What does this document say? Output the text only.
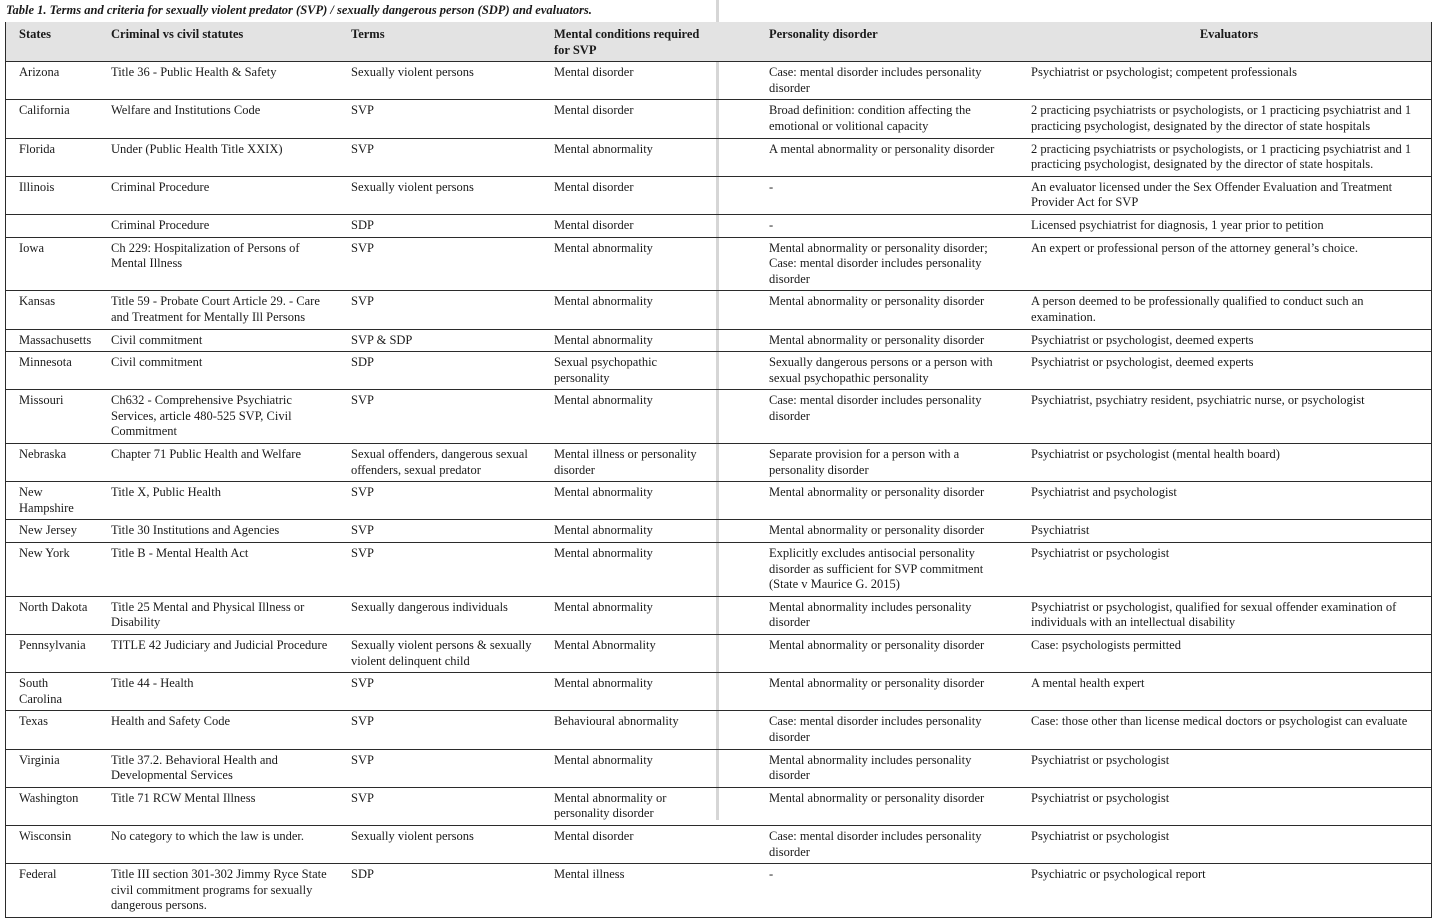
Table 1. Terms and criteria for sexually violent predator (SVP) / sexually dangerous person (SDP) and evaluators.
States	Criminal vs civil statutes	Terms	Mental conditions required for SVP	Personality disorder	Evaluators
Arizona	Title 36 - Public Health & Safety	Sexually violent persons	Mental disorder	Case: mental disorder includes personality disorder	Psychiatrist or psychologist; competent professionals
California	Welfare and Institutions Code	SVP	Mental disorder	Broad definition: condition affecting the emotional or volitional capacity	2 practicing psychiatrists or psychologists, or 1 practicing psychiatrist and 1 practicing psychologist, designated by the director of state hospitals
Florida	Under (Public Health Title XXIX)	SVP	Mental abnormality	A mental abnormality or personality disorder	2 practicing psychiatrists or psychologists, or 1 practicing psychiatrist and 1 practicing psychologist, designated by the director of state hospitals.
Illinois	Criminal Procedure	Sexually violent persons	Mental disorder	-	An evaluator licensed under the Sex Offender Evaluation and Treatment Provider Act for SVP
	Criminal Procedure	SDP	Mental disorder	-	Licensed psychiatrist for diagnosis, 1 year prior to petition
Iowa	Ch 229: Hospitalization of Persons of Mental Illness	SVP	Mental abnormality	Mental abnormality or personality disorder; Case: mental disorder includes personality disorder	An expert or professional person of the attorney general’s choice.
Kansas	Title 59 - Probate Court Article 29. - Care and Treatment for Mentally Ill Persons	SVP	Mental abnormality	Mental abnormality or personality disorder	A person deemed to be professionally qualified to conduct such an examination.
Massachusetts	Civil commitment	SVP & SDP	Mental abnormality	Mental abnormality or personality disorder	Psychiatrist or psychologist, deemed experts
Minnesota	Civil commitment	SDP	Sexual psychopathic personality	Sexually dangerous persons or a person with sexual psychopathic personality	Psychiatrist or psychologist, deemed experts
Missouri	Ch632 - Comprehensive Psychiatric Services, article 480-525 SVP, Civil Commitment	SVP	Mental abnormality	Case: mental disorder includes personality disorder	Psychiatrist, psychiatry resident, psychiatric nurse, or psychologist
Nebraska	Chapter 71 Public Health and Welfare	Sexual offenders, dangerous sexual offenders, sexual predator	Mental illness or personality disorder	Separate provision for a person with a personality disorder	Psychiatrist or psychologist (mental health board)
New Hampshire	Title X, Public Health	SVP	Mental abnormality	Mental abnormality or personality disorder	Psychiatrist and psychologist
New Jersey	Title 30 Institutions and Agencies	SVP	Mental abnormality	Mental abnormality or personality disorder	Psychiatrist
New York	Title B - Mental Health Act	SVP	Mental abnormality	Explicitly excludes antisocial personality disorder as sufficient for SVP commitment (State v Maurice G. 2015)	Psychiatrist or psychologist
North Dakota	Title 25 Mental and Physical Illness or Disability	Sexually dangerous individuals	Mental abnormality	Mental abnormality includes personality disorder	Psychiatrist or psychologist, qualified for sexual offender examination of individuals with an intellectual disability
Pennsylvania	TITLE 42 Judiciary and Judicial Procedure	Sexually violent persons & sexually violent delinquent child	Mental Abnormality	Mental abnormality or personality disorder	Case: psychologists permitted
South Carolina	Title 44 - Health	SVP	Mental abnormality	Mental abnormality or personality disorder	A mental health expert
Texas	Health and Safety Code	SVP	Behavioural abnormality	Case: mental disorder includes personality disorder	Case: those other than license medical doctors or psychologist can evaluate
Virginia	Title 37.2. Behavioral Health and Developmental Services	SVP	Mental abnormality	Mental abnormality includes personality disorder	Psychiatrist or psychologist
Washington	Title 71 RCW Mental Illness	SVP	Mental abnormality or personality disorder	Mental abnormality or personality disorder	Psychiatrist or psychologist
Wisconsin	No category to which the law is under.	Sexually violent persons	Mental disorder	Case: mental disorder includes personality disorder	Psychiatrist or psychologist
Federal	Title III section 301-302 Jimmy Ryce State civil commitment programs for sexually dangerous persons.	SDP	Mental illness	-	Psychiatric or psychological report
